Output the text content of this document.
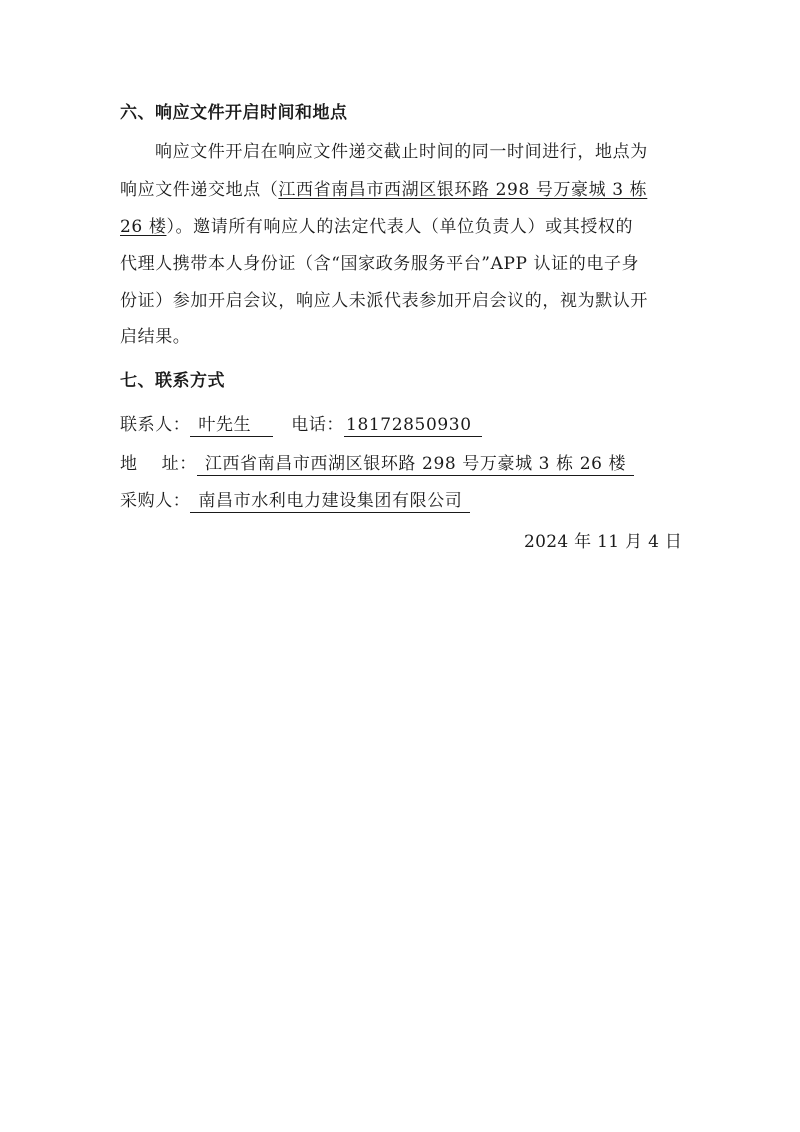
六、响应文件开启时间和地点
响应文件开启在响应文件递交截止时间的同一时间进行，地点为
响应文件递交地点（江西省南昌市西湖区银环路 298 号万豪城 3 栋
26 楼）。邀请所有响应人的法定代表人（单位负责人）或其授权的
代理人携带本人身份证（含“国家政务服务平台”APP 认证的电子身
份证）参加开启会议，响应人未派代表参加开启会议的，视为默认开
启结果。
七、联系方式
联系人： 叶先生 电话： 18172850930
地    址： 江西省南昌市西湖区银环路 298 号万豪城 3 栋 26 楼
采购人： 南昌市水利电力建设集团有限公司
2024 年 11 月 4 日
